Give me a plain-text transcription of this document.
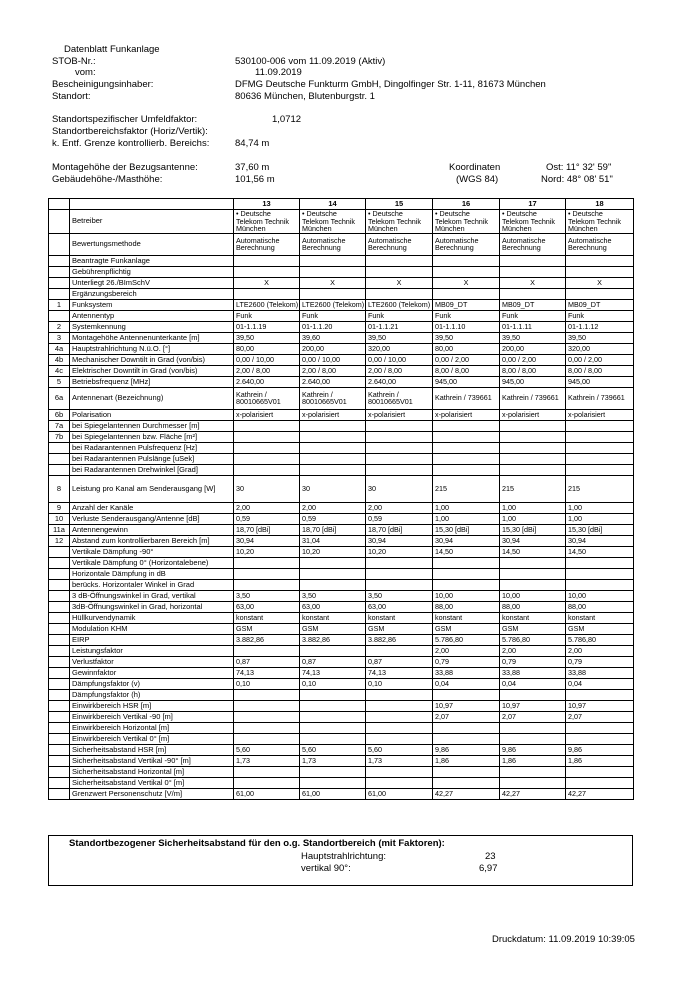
Datenblatt Funkanlage
STOB-Nr.:	530100-006 vom 11.09.2019 (Aktiv)
vom:	11.09.2019
Bescheinigungsinhaber:	DFMG Deutsche Funkturm GmbH, Dingolfinger Str. 1-11, 81673 München
Standort:	80636 München, Blutenburgstr. 1
Standortspezifischer Umfeldfaktor:	1,0712
Standortbereichsfaktor (Horiz/Vertik):
k. Entf. Grenze kontrollierb. Bereichs:	84,74 m
Montagehöhe der Bezugsantenne:	37,60 m
Gebäudehöhe-/Masthöhe:	101,56 m
Koordinaten
(WGS 84)
Ost: 11° 32' 59"
Nord: 48° 08' 51"
		13	14	15	16	17	18
	Betreiber	• Deutsche Telekom Technik München	• Deutsche Telekom Technik München	• Deutsche Telekom Technik München	• Deutsche Telekom Technik München	• Deutsche Telekom Technik München	• Deutsche Telekom Technik München
	Bewertungsmethode	Automatische Berechnung	Automatische Berechnung	Automatische Berechnung	Automatische Berechnung	Automatische Berechnung	Automatische Berechnung
	Beantragte Funkanlage						
	Gebührenpflichtig						
	Unterliegt 26./BImSchV	X	X	X	X	X	X
	Ergänzungsbereich						
1	Funksystem	LTE2600 (Telekom)	LTE2600 (Telekom)	LTE2600 (Telekom)	MB09_DT	MB09_DT	MB09_DT
	Antennentyp	Funk	Funk	Funk	Funk	Funk	Funk
2	Systemkennung	01-1.1.19	01-1.1.20	01-1.1.21	01-1.1.10	01-1.1.11	01-1.1.12
3	Montagehöhe Antennenunterkante [m]	39,50	39,60	39,50	39,50	39,50	39,50
4a	Hauptstrahlrichtung N.ü.O. [°]	80,00	200,00	320,00	80,00	200,00	320,00
4b	Mechanischer Downtilt in Grad (von/bis)	0,00 / 10,00	0,00 / 10,00	0,00 / 10,00	0,00 / 2,00	0,00 / 2,00	0,00 / 2,00
4c	Elektrischer Downtilt in Grad (von/bis)	2,00 / 8,00	2,00 / 8,00	2,00 / 8,00	8,00 / 8,00	8,00 / 8,00	8,00 / 8,00
5	Betriebsfrequenz [MHz]	2.640,00	2.640,00	2.640,00	945,00	945,00	945,00
6a	Antennenart (Bezeichnung)	Kathrein / 80010665V01	Kathrein / 80010665V01	Kathrein / 80010665V01	Kathrein / 739661	Kathrein / 739661	Kathrein / 739661
6b	Polarisation	x-polarisiert	x-polarisiert	x-polarisiert	x-polarisiert	x-polarisiert	x-polarisiert
7a	bei Spiegelantennen Durchmesser [m]						
7b	bei Spiegelantennen bzw. Fläche [m²]						
	bei Radarantennen Pulsfrequenz [Hz]						
	bei Radarantennen Pulslänge [uSek]						
	bei Radarantennen Drehwinkel [Grad]						
8	Leistung pro Kanal am Senderausgang [W]	30	30	30	215	215	215
9	Anzahl der Kanäle	2,00	2,00	2,00	1,00	1,00	1,00
10	Verluste Senderausgang/Antenne [dB]	0,59	0,59	0,59	1,00	1,00	1,00
11a	Antennengewinn	18,70 [dBi]	18,70 [dBi]	18,70 [dBi]	15,30 [dBi]	15,30 [dBi]	15,30 [dBi]
12	Abstand zum kontrollierbaren Bereich [m]	30,94	31,04	30,94	30,94	30,94	30,94
	Vertikale Dämpfung -90°	10,20	10,20	10,20	14,50	14,50	14,50
	Vertikale Dämpfung 0° (Horizontalebene)						
	Horizontale Dämpfung in dB						
	berücks. Horizontaler Winkel in Grad						
	3 dB-Öffnungswinkel in Grad, vertikal	3,50	3,50	3,50	10,00	10,00	10,00
	3dB-Öffnungswinkel in Grad, horizontal	63,00	63,00	63,00	88,00	88,00	88,00
	Hüllkurvendynamik	konstant	konstant	konstant	konstant	konstant	konstant
	Modulation KHM	GSM	GSM	GSM	GSM	GSM	GSM
	EIRP	3.882,86	3.882,86	3.882,86	5.786,80	5.786,80	5.786,80
	Leistungsfaktor				2,00	2,00	2,00
	Verlustfaktor	0,87	0,87	0,87	0,79	0,79	0,79
	Gewinnfaktor	74,13	74,13	74,13	33,88	33,88	33,88
	Dämpfungsfaktor (v)	0,10	0,10	0,10	0,04	0,04	0,04
	Dämpfungsfaktor (h)						
	Einwirkbereich HSR [m]				10,97	10,97	10,97
	Einwirkbereich Vertikal -90 [m]				2,07	2,07	2,07
	Einwirkbereich Horizontal [m]						
	Einwirkbereich Vertikal 0° [m]						
	Sicherheitsabstand HSR [m]	5,60	5,60	5,60	9,86	9,86	9,86
	Sicherheitsabstand Vertikal -90° [m]	1,73	1,73	1,73	1,86	1,86	1,86
	Sicherheitsabstand Horizontal [m]						
	Sicherheitsabstand Vertikal 0° [m]						
	Grenzwert Personenschutz [V/m]	61,00	61,00	61,00	42,27	42,27	42,27
Standortbezogener Sicherheitsabstand für den o.g. Standortbereich (mit Faktoren):
Hauptstrahlrichtung:	23
vertikal 90°:	6,97
Druckdatum: 11.09.2019 10:39:05
